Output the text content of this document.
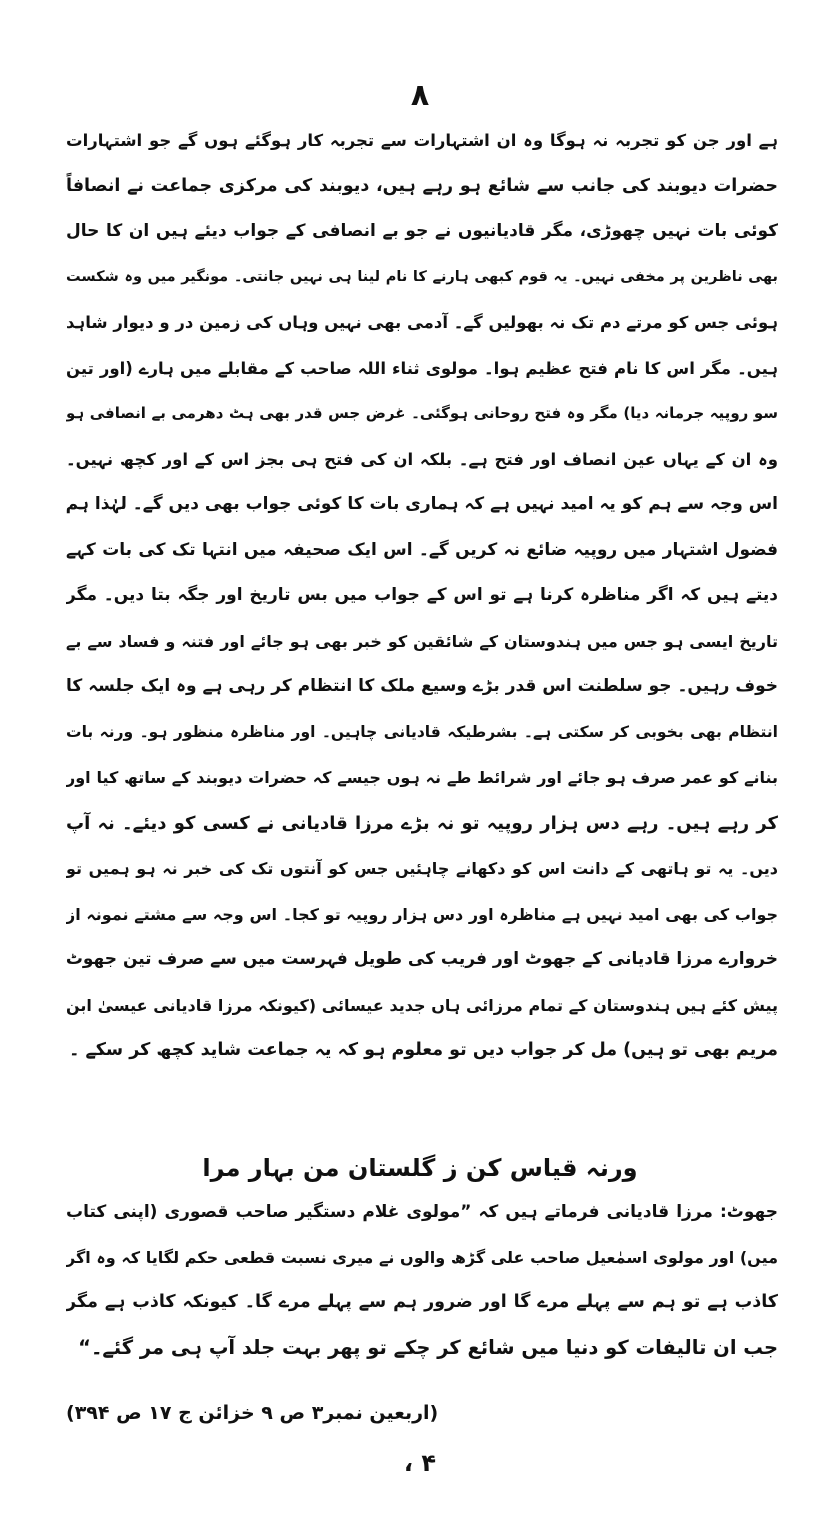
۸
ہے اور جن کو تجربہ نہ ہوگا وہ ان اشتہارات سے تجربہ کار ہوگئے ہوں گے جو اشتہارات
حضرات دیوبند کی جانب سے شائع ہو رہے ہیں، دیوبند کی مرکزی جماعت نے انصافاً
کوئی بات نہیں چھوڑی، مگر قادیانیوں نے جو بے انصافی کے جواب دیئے ہیں ان کا حال
بھی ناظرین پر مخفی نہیں۔ یہ قوم کبھی ہارنے کا نام لینا ہی نہیں جانتی۔ مونگیر میں وہ شکست
ہوئی جس کو مرتے دم تک نہ بھولیں گے۔ آدمی بھی نہیں وہاں کی زمین در و دیوار شاہد
ہیں۔ مگر اس کا نام فتح عظیم ہوا۔ مولوی ثناء اللہ صاحب کے مقابلے میں ہارے (اور تین
سو روپیہ جرمانہ دیا) مگر وہ فتح روحانی ہوگئی۔ غرض جس قدر بھی ہٹ دھرمی بے انصافی ہو
وہ ان کے یہاں عین انصاف اور فتح ہے۔ بلکہ ان کی فتح ہی بجز اس کے اور کچھ نہیں۔
اس وجہ سے ہم کو یہ امید نہیں ہے کہ ہماری بات کا کوئی جواب بھی دیں گے۔ لہٰذا ہم
فضول اشتہار میں روپیہ ضائع نہ کریں گے۔ اس ایک صحیفہ میں انتہا تک کی بات کہے
دیتے ہیں کہ اگر مناظرہ کرنا ہے تو اس کے جواب میں بس تاریخ اور جگہ بتا دیں۔ مگر
تاریخ ایسی ہو جس میں ہندوستان کے شائقین کو خبر بھی ہو جائے اور فتنہ و فساد سے بے
خوف رہیں۔ جو سلطنت اس قدر بڑے وسیع ملک کا انتظام کر رہی ہے وہ ایک جلسہ کا
انتظام بھی بخوبی کر سکتی ہے۔ بشرطیکہ قادیانی چاہیں۔ اور مناظرہ منظور ہو۔ ورنہ بات
بنانے کو عمر صرف ہو جائے اور شرائط طے نہ ہوں جیسے کہ حضرات دیوبند کے ساتھ کیا اور
کر رہے ہیں۔ رہے دس ہزار روپیہ تو نہ بڑے مرزا قادیانی نے کسی کو دیئے۔ نہ آپ
دیں۔ یہ تو ہاتھی کے دانت اس کو دکھانے چاہئیں جس کو آنتوں تک کی خبر نہ ہو ہمیں تو
جواب کی بھی امید نہیں ہے مناظرہ اور دس ہزار روپیہ تو کجا۔ اس وجہ سے مشتے نمونہ از
خروارے مرزا قادیانی کے جھوٹ اور فریب کی طویل فہرست میں سے صرف تین جھوٹ
پیش کئے ہیں ہندوستان کے تمام مرزائی ہاں جدید عیسائی (کیونکہ مرزا قادیانی عیسیٰ ابن
مریم بھی تو ہیں) مل کر جواب دیں تو معلوم ہو کہ یہ جماعت شاید کچھ کر سکے ۔
ورنہ قیاس کن ز گلستان من بہار مرا
جھوٹ: مرزا قادیانی فرماتے ہیں کہ ”مولوی غلام دستگیر صاحب قصوری (اپنی کتاب
میں) اور مولوی اسمٰعیل صاحب علی گڑھ والوں نے میری نسبت قطعی حکم لگایا کہ وہ اگر
کاذب ہے تو ہم سے پہلے مرے گا اور ضرور ہم سے پہلے مرے گا۔ کیونکہ کاذب ہے مگر
جب ان تالیفات کو دنیا میں شائع کر چکے تو پھر بہت جلد آپ ہی مر گئے۔“
(اربعین نمبر۳ ص ۹ خزائن ج ۱۷ ص ۳۹۴)
۴ ،
